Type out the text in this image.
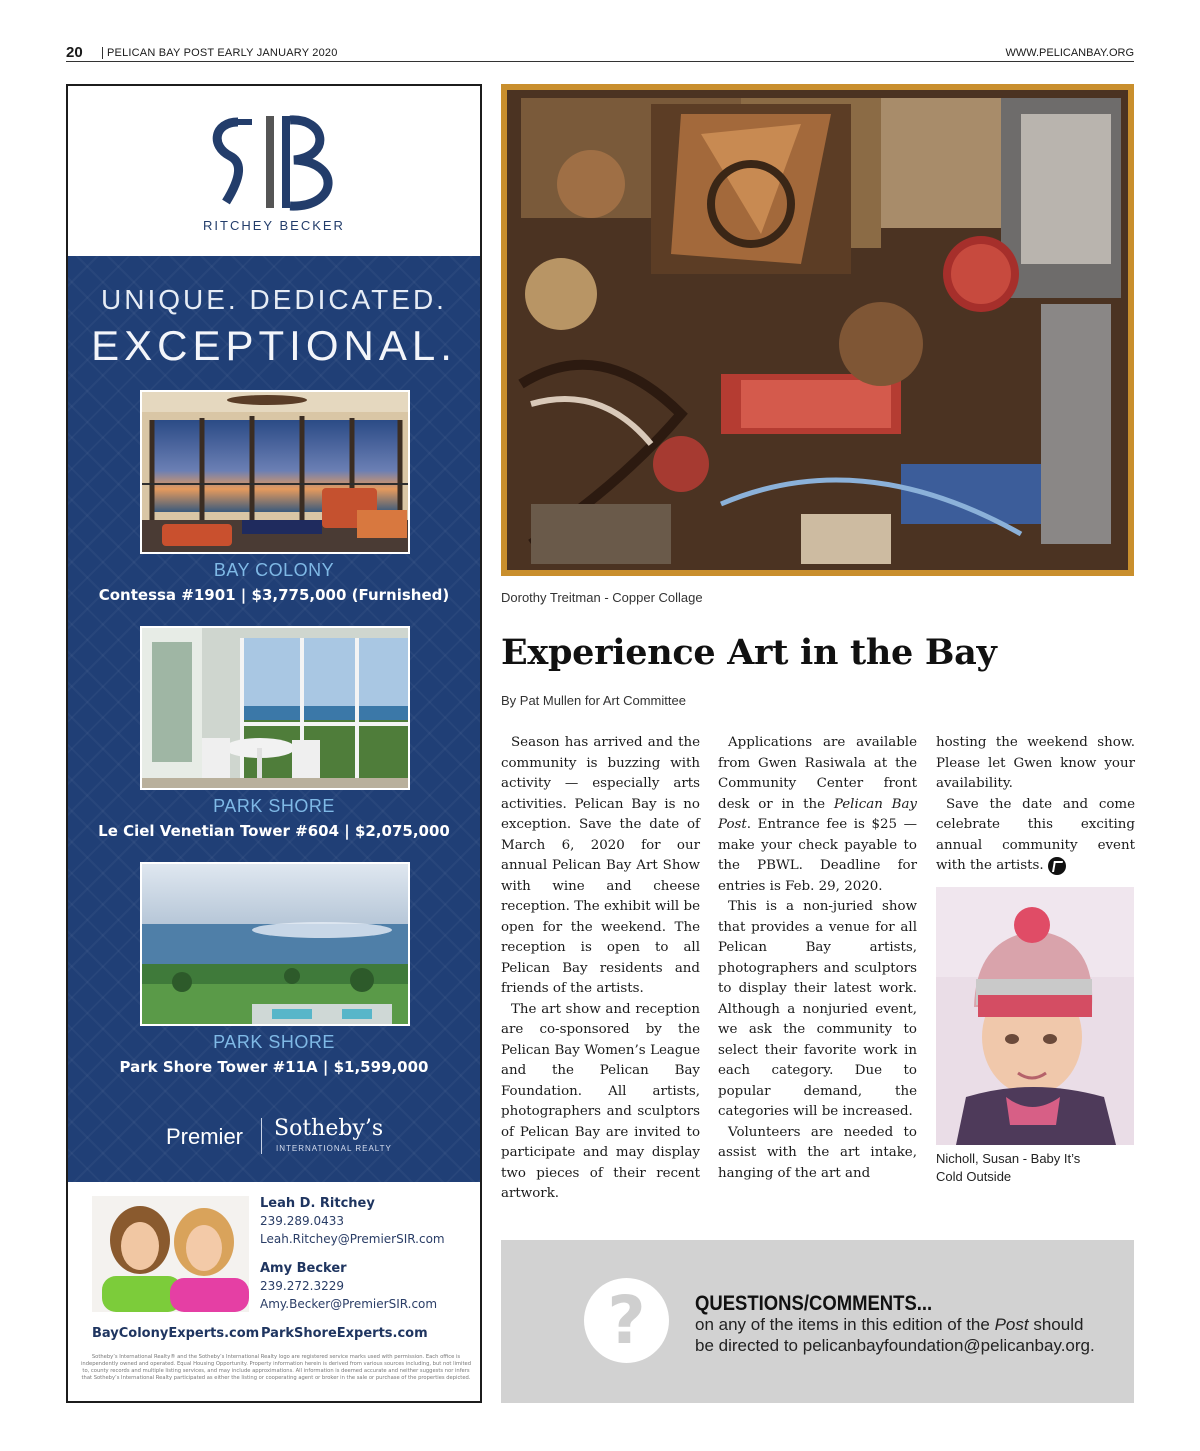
20	PELICAN BAY POST EARLY JANUARY 2020	WWW.PELICANBAY.ORG
RITCHEY BECKER
UNIQUE. DEDICATED.
EXCEPTIONAL.
BAY COLONY
Contessa #1901 | $3,775,000 (Furnished)
PARK SHORE
Le Ciel Venetian Tower #604 | $2,075,000
PARK SHORE
Park Shore Tower #11A | $1,599,000
Premier Sotheby’s
INTERNATIONAL REALTY
Leah D. Ritchey
239.289.0433
Leah.Ritchey@PremierSIR.com
Amy Becker
239.272.3229
Amy.Becker@PremierSIR.com
BayColonyExperts.com ParkShoreExperts.com
Sotheby’s International Realty® and the Sotheby’s International Realty logo are registered service marks used with permission. Each office is independently owned and operated. Equal Housing Opportunity. Property information herein is derived from various sources including, but not limited to, county records and multiple listing services, and may include approximations. All information is deemed accurate and neither suggests nor infers that Sotheby’s International Realty participated as either the listing or cooperating agent or broker in the sale or purchase of the properties depicted.
Dorothy Treitman - Copper Collage
Experience Art in the Bay
By Pat Mullen for Art Committee

Season has arrived and the community is buzzing with activity — especially arts activities. Pelican Bay is no exception. Save the date of March 6, 2020 for our annual Pelican Bay Art Show with wine and cheese reception. The exhibit will be open for the weekend. The reception is open to all Pelican Bay residents and friends of the artists.

The art show and reception are co-sponsored by the Pelican Bay Women’s League and the Pelican Bay Foundation. All artists, photographers and sculptors of Pelican Bay are invited to participate and may display two pieces of their recent artwork.

Applications are available from Gwen Rasiwala at the Community Center front desk or in the Pelican Bay Post. Entrance fee is $25 — make your check payable to the PBWL. Deadline for entries is Feb. 29, 2020.

This is a non-juried show that provides a venue for all Pelican Bay artists, photographers and sculptors to display their latest work. Although a nonjuried event, we ask the community to select their favorite work in each category. Due to popular demand, the categories will be increased.

Volunteers are needed to assist with the art intake, hanging of the art and

hosting the weekend show. Please let Gwen know your availability.

Save the date and come celebrate this exciting annual community event with the artists.

Nicholl, Susan - Baby It’s
Cold Outside
?	QUESTIONS/COMMENTS...
on any of the items in this edition of the Post should be directed to pelicanbayfoundation@pelicanbay.org.
